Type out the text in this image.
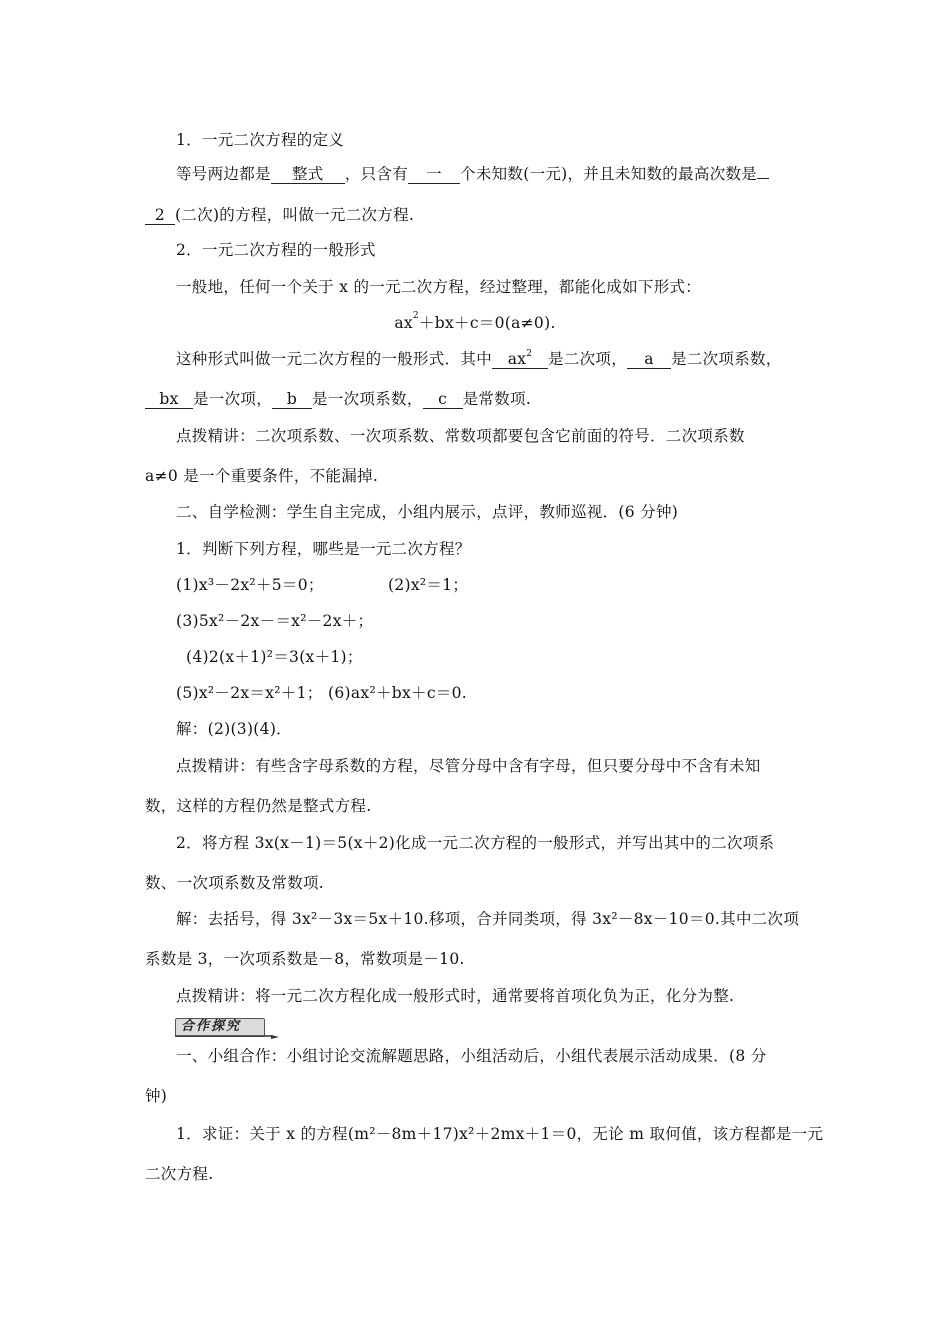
1．一元二次方程的定义
等号两边都是 整式 ，只含有 一 个未知数(一元)，并且未知数的最高次数是
2 (二次)的方程，叫做一元二次方程.
2．一元二次方程的一般形式
一般地，任何一个关于 x 的一元二次方程，经过整理，都能化成如下形式：
$ax^2+bx+c=0(a\ne 0)$.
这种形式叫做一元二次方程的一般形式．其中 $ax^2$ 是二次项， a 是二次项系数，
bx 是一次项， b 是一次项系数， c 是常数项.
点拨精讲：二次项系数、一次项系数、常数项都要包含它前面的符号．二次项系数
a≠0 是一个重要条件，不能漏掉.
二、自学检测：学生自主完成，小组内展示，点评，教师巡视．(6 分钟)
1．判断下列方程，哪些是一元二次方程？
(1)x³－2x²＋5＝0；	(2)x²＝1；
(3)5x²－2x－＝x²－2x＋；
(4)2(x＋1)²＝3(x＋1)；
(5)x²－2x＝x²＋1； (6)ax²＋bx＋c＝0.
解：(2)(3)(4)．
点拨精讲：有些含字母系数的方程，尽管分母中含有字母，但只要分母中不含有未知
数，这样的方程仍然是整式方程.
2．将方程 3x(x－1)＝5(x＋2)化成一元二次方程的一般形式，并写出其中的二次项系
数、一次项系数及常数项.
解：去括号，得 3x²－3x＝5x＋10.移项，合并同类项，得 3x²－8x－10＝0.其中二次项
系数是 3，一次项系数是－8，常数项是－10.
点拨精讲：将一元二次方程化成一般形式时，通常要将首项化负为正，化分为整.
合作探究
一、小组合作：小组讨论交流解题思路，小组活动后，小组代表展示活动成果．(8 分
钟)
1．求证：关于 x 的方程(m²－8m＋17)x²＋2mx＋1＝0，无论 m 取何值，该方程都是一元
二次方程.
